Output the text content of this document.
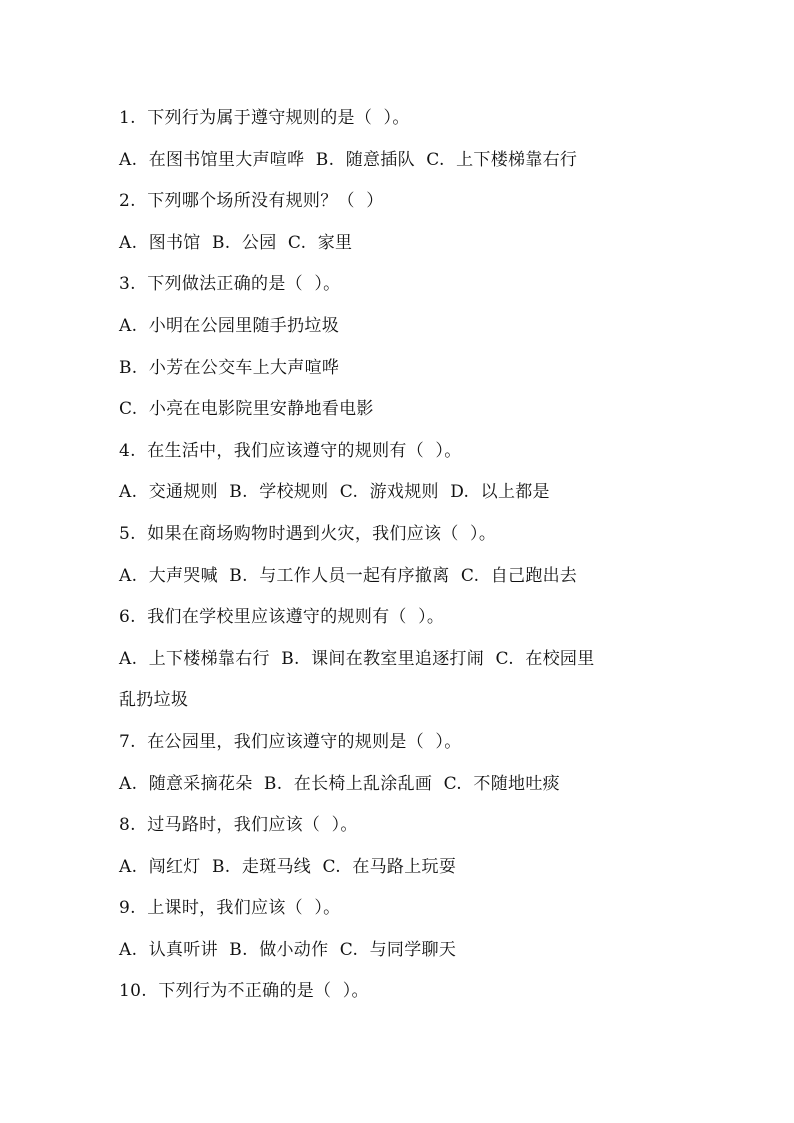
1.  下列行为属于遵守规则的是（  ）。
A.  在图书馆里大声喧哗  B.  随意插队  C.  上下楼梯靠右行
2.  下列哪个场所没有规则？（  ）
A.  图书馆  B.  公园  C.  家里
3.  下列做法正确的是（  ）。
A.  小明在公园里随手扔垃圾
B.  小芳在公交车上大声喧哗
C.  小亮在电影院里安静地看电影
4.  在生活中，我们应该遵守的规则有（  ）。
A.  交通规则  B.  学校规则  C.  游戏规则  D.  以上都是
5.  如果在商场购物时遇到火灾，我们应该（  ）。
A.  大声哭喊  B.  与工作人员一起有序撤离  C.  自己跑出去
6.  我们在学校里应该遵守的规则有（  ）。
A.  上下楼梯靠右行  B.  课间在教室里追逐打闹  C.  在校园里
乱扔垃圾
7.  在公园里，我们应该遵守的规则是（  ）。
A.  随意采摘花朵  B.  在长椅上乱涂乱画  C.  不随地吐痰
8.  过马路时，我们应该（  ）。
A.  闯红灯  B.  走斑马线  C.  在马路上玩耍
9.  上课时，我们应该（  ）。
A.  认真听讲  B.  做小动作  C.  与同学聊天
10.  下列行为不正确的是（  ）。
